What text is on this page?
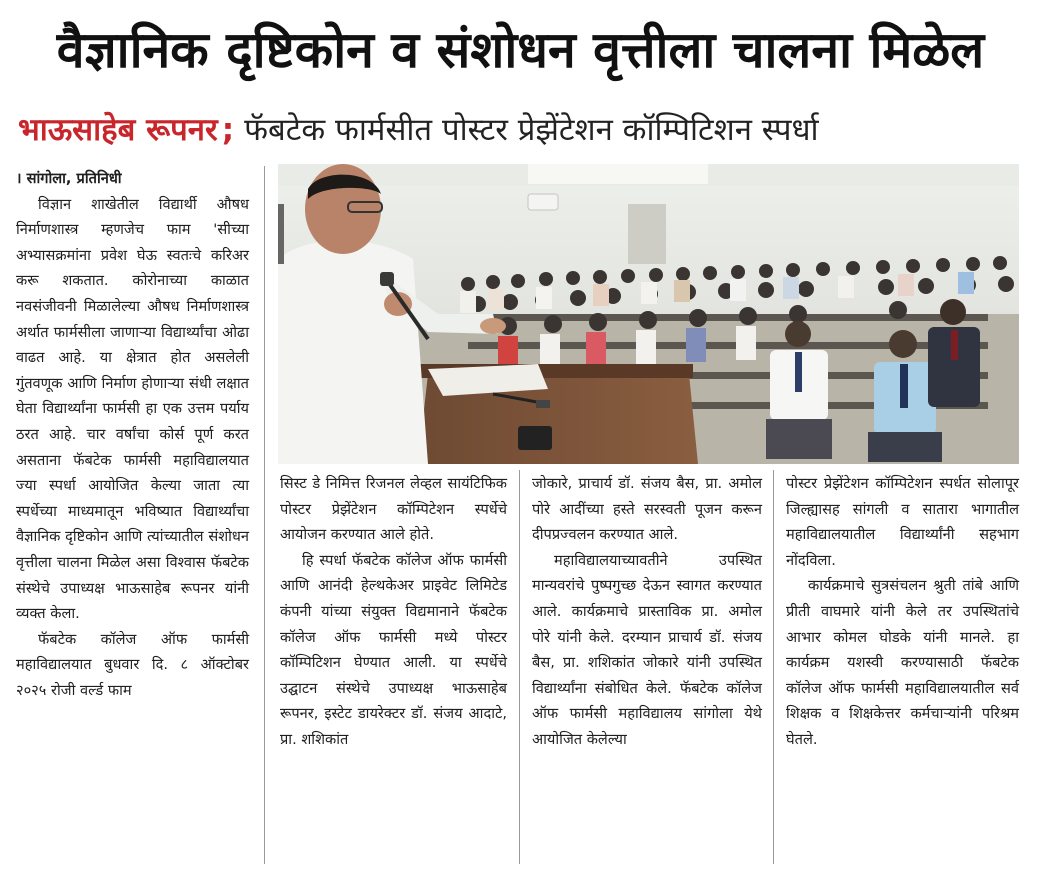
वैज्ञानिक दृष्टिकोन व संशोधन वृत्तीला चालना मिळेल
भाऊसाहेब रूपनर ; फॅबटेक फार्मसीत पोस्टर प्रेझेंटेशन कॉम्पिटिशन स्पर्धा
। सांगोला, प्रतिनिधी

विज्ञान शाखेतील विद्यार्थी औषध निर्माणशास्त्र म्हणजेच फाम 'सीच्या अभ्यासक्रमांना प्रवेश घेऊ स्वतःचे करिअर करू शकतात. कोरोनाच्या काळात नवसंजीवनी मिळालेल्या औषध निर्माणशास्त्र अर्थात फार्मसीला जाणाऱ्या विद्यार्थ्यांचा ओढा वाढत आहे. या क्षेत्रात होत असलेली गुंतवणूक आणि निर्माण होणाऱ्या संधी लक्षात घेता विद्यार्थ्यांना फार्मसी हा एक उत्तम पर्याय ठरत आहे. चार वर्षांचा कोर्स पूर्ण करत असताना फॅबटेक फार्मसी महाविद्यालयात ज्या स्पर्धा आयोजित केल्या जाता त्या स्पर्धेच्या माध्यमातून भविष्यात विद्यार्थ्यांचा वैज्ञानिक दृष्टिकोन आणि त्यांच्यातील संशोधन वृत्तीला चालना मिळेल असा विश्वास फॅबटेक संस्थेचे उपाध्यक्ष भाऊसाहेब रूपनर यांनी व्यक्त केला.

फॅबटेक कॉलेज ऑफ फार्मसी महाविद्यालयात बुधवार दि. ८ ऑक्टोबर २०२५ रोजी वर्ल्ड फाम

सिस्ट डे निमित्त रिजनल लेव्हल सायंटिफिक पोस्टर प्रेझेंटेशन कॉम्पिटेशन स्पर्धेचे आयोजन करण्यात आले होते.

हि स्पर्धा फॅबटेक कॉलेज ऑफ फार्मसी आणि आनंदी हेल्थकेअर प्राइवेट लिमिटेड कंपनी यांच्या संयुक्त विद्यमानाने फॅबटेक कॉलेज ऑफ फार्मसी मध्ये पोस्टर कॉम्पिटिशन घेण्यात आली. या स्पर्धेचे उद्घाटन संस्थेचे उपाध्यक्ष भाऊसाहेब रूपनर, इस्टेट डायरेक्टर डॉ. संजय आदाटे, प्रा. शशिकांत

जोकारे, प्राचार्य डॉ. संजय बैस, प्रा. अमोल पोरे आदींच्या हस्ते सरस्वती पूजन करून दीपप्रज्वलन करण्यात आले.

महाविद्यालयाच्यावतीने उपस्थित मान्यवरांचे पुष्पगुच्छ देऊन स्वागत करण्यात आले. कार्यक्रमाचे प्रास्ताविक प्रा. अमोल पोरे यांनी केले. दरम्यान प्राचार्य डॉ. संजय बैस, प्रा. शशिकांत जोकारे यांनी उपस्थित विद्यार्थ्यांना संबोधित केले. फॅबटेक कॉलेज ऑफ फार्मसी महाविद्यालय सांगोला येथे आयोजित केलेल्या

पोस्टर प्रेझेंटेशन कॉम्पिटेशन स्पर्धत सोलापूर जिल्ह्यासह सांगली व सातारा भागातील महाविद्यालयातील विद्यार्थ्यांनी सहभाग नोंदविला.

कार्यक्रमाचे सुत्रसंचलन श्रुती तांबे आणि प्रीती वाघमारे यांनी केले तर उपस्थितांचे आभार कोमल घोडके यांनी मानले. हा कार्यक्रम यशस्वी करण्यासाठी फॅबटेक कॉलेज ऑफ फार्मसी महाविद्यालयातील सर्व शिक्षक व शिक्षकेत्तर कर्मचाऱ्यांनी परिश्रम घेतले.
